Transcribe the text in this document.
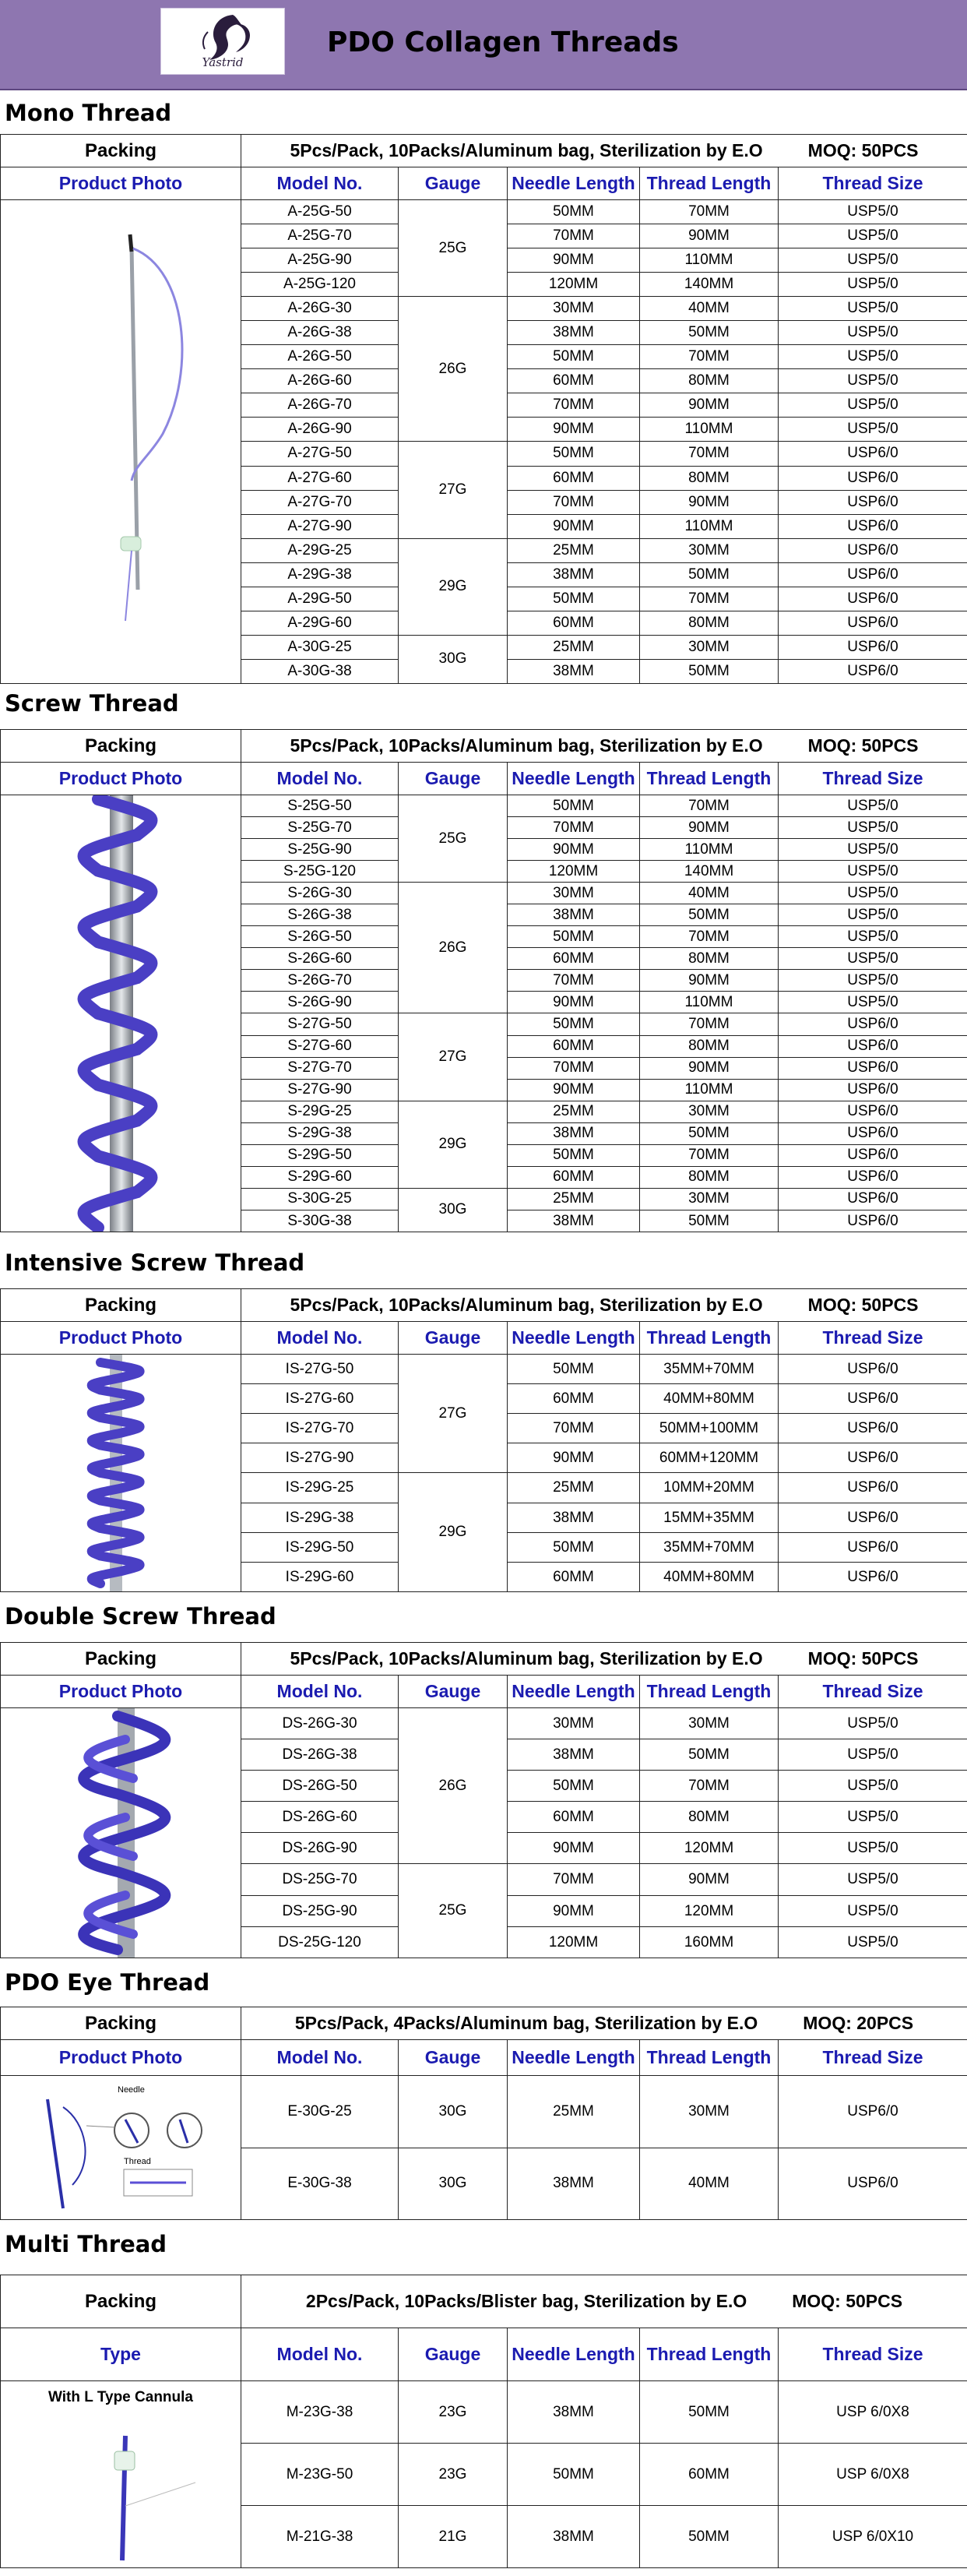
Yastrid
PDO Collagen Threads
Mono Thread
Packing	5Pcs/Pack, 10Packs/Aluminum bag, Sterilization by E.O MOQ: 50PCS				
Product Photo	Model No.	Gauge	Needle Length	Thread Length	Thread Size

	A-25G-50	25G	50MM	70MM	USP5/0
	A-25G-70		70MM	90MM	USP5/0
	A-25G-90		90MM	110MM	USP5/0
	A-25G-120		120MM	140MM	USP5/0
	A-26G-30	26G	30MM	40MM	USP5/0
	A-26G-38		38MM	50MM	USP5/0
	A-26G-50		50MM	70MM	USP5/0
	A-26G-60		60MM	80MM	USP5/0
	A-26G-70		70MM	90MM	USP5/0
	A-26G-90		90MM	110MM	USP5/0
	A-27G-50	27G	50MM	70MM	USP6/0
	A-27G-60		60MM	80MM	USP6/0
	A-27G-70		70MM	90MM	USP6/0
	A-27G-90		90MM	110MM	USP6/0
	A-29G-25	29G	25MM	30MM	USP6/0
	A-29G-38		38MM	50MM	USP6/0
	A-29G-50		50MM	70MM	USP6/0
	A-29G-60		60MM	80MM	USP6/0
	A-30G-25	30G	25MM	30MM	USP6/0
	A-30G-38		38MM	50MM	USP6/0
Screw Thread
Packing	5Pcs/Pack, 10Packs/Aluminum bag, Sterilization by E.O MOQ: 50PCS				
Product Photo	Model No.	Gauge	Needle Length	Thread Length	Thread Size

	S-25G-50	25G	50MM	70MM	USP5/0
	S-25G-70		70MM	90MM	USP5/0
	S-25G-90		90MM	110MM	USP5/0
	S-25G-120		120MM	140MM	USP5/0
	S-26G-30	26G	30MM	40MM	USP5/0
	S-26G-38		38MM	50MM	USP5/0
	S-26G-50		50MM	70MM	USP5/0
	S-26G-60		60MM	80MM	USP5/0
	S-26G-70		70MM	90MM	USP5/0
	S-26G-90		90MM	110MM	USP5/0
	S-27G-50	27G	50MM	70MM	USP6/0
	S-27G-60		60MM	80MM	USP6/0
	S-27G-70		70MM	90MM	USP6/0
	S-27G-90		90MM	110MM	USP6/0
	S-29G-25	29G	25MM	30MM	USP6/0
	S-29G-38		38MM	50MM	USP6/0
	S-29G-50		50MM	70MM	USP6/0
	S-29G-60		60MM	80MM	USP6/0
	S-30G-25	30G	25MM	30MM	USP6/0
	S-30G-38		38MM	50MM	USP6/0
Intensive Screw Thread
Packing	5Pcs/Pack, 10Packs/Aluminum bag, Sterilization by E.O MOQ: 50PCS				
Product Photo	Model No.	Gauge	Needle Length	Thread Length	Thread Size

	IS-27G-50	27G	50MM	35MM+70MM	USP6/0
	IS-27G-60		60MM	40MM+80MM	USP6/0
	IS-27G-70		70MM	50MM+100MM	USP6/0
	IS-27G-90		90MM	60MM+120MM	USP6/0
	IS-29G-25	29G	25MM	10MM+20MM	USP6/0
	IS-29G-38		38MM	15MM+35MM	USP6/0
	IS-29G-50		50MM	35MM+70MM	USP6/0
	IS-29G-60		60MM	40MM+80MM	USP6/0
Double Screw Thread
Packing	5Pcs/Pack, 10Packs/Aluminum bag, Sterilization by E.O MOQ: 50PCS				
Product Photo	Model No.	Gauge	Needle Length	Thread Length	Thread Size

	DS-26G-30	26G	30MM	30MM	USP5/0
	DS-26G-38		38MM	50MM	USP5/0
	DS-26G-50		50MM	70MM	USP5/0
	DS-26G-60		60MM	80MM	USP5/0
	DS-26G-90		90MM	120MM	USP5/0
	DS-25G-70	25G	70MM	90MM	USP5/0
	DS-25G-90		90MM	120MM	USP5/0
	DS-25G-120		120MM	160MM	USP5/0
PDO Eye Thread
Packing	5Pcs/Pack, 4Packs/Aluminum bag, Sterilization by E.O MOQ: 20PCS				
Product Photo	Model No.	Gauge	Needle Length	Thread Length	Thread Size

Needle
Thread	E-30G-25	30G	25MM	30MM	USP6/0
	E-30G-38	30G	38MM	40MM	USP6/0
Multi Thread
Packing	2Pcs/Pack, 10Packs/Blister bag, Sterilization by E.O MOQ: 50PCS				
Type	Model No.	Gauge	Needle Length	Thread Length	Thread Size

With L Type Cannula	M-23G-38	23G	38MM	50MM	USP 6/0X8
	M-23G-50	23G	50MM	60MM	USP 6/0X8
	M-21G-38	21G	38MM	50MM	USP 6/0X10
